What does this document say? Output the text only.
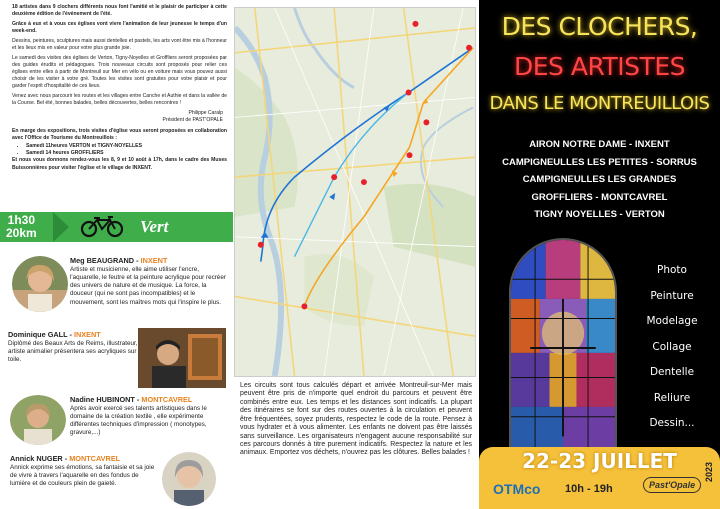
18 artistes dans 9 clochers différents nous font l'amitié et le plaisir de participer à cette deuxième édition de l'événement de l'été.

Grâce à eux et à vous ces églises vont vivre l'animation de leur jeunesse le temps d'un week-end.

Dessins, peintures, sculptures mais aussi dentelles et pastels, les arts vont être mis à l'honneur et les lieux mis en valeur pour votre plus grande joie.

Le samedi des visites des églises de Verton, Tigny-Noyelles et Groffliers seront proposées par des guides érudits et pédagogues. Trois nouveaux circuits sont proposés pour relier ces églises entre elles à partir de Montreuil sur Mer en vélo ou en voiture mais vous pouvez aussi choisir de les visiter à votre gré. Toutes les visites sont gratuites pour votre plaisir et pour garder l'esprit d'hospitalité de ces lieux.

Venez avec nous parcourir les routes et les villages entre Canche et Authie et dans la vallée de la Course. Bel été, bonnes balades, belles découvertes, belles rencontres !

Philippe Caralp
Président de PAST'OPALE

En marge des expositions, trois visites d'église vous seront proposées en collaboration avec l'Office de Tourisme du Montreuillois :

• Samedi 11heures VERTON et TIGNY-NOYELLES
• Samedi 14 heures GROFFLIERS

Et nous vous donnons rendez-vous les 8, 9 et 10 août à 17h, dans le cadre des Muses Buissonnières pour visiter l'église et le village de INXENT.

1h30
20km	Vert
Meg BEAUGRAND - INXENT
Artiste et musicienne, elle aime utiliser l'encre, l'aquarelle, le feutre et la peinture acrylique pour recréer des univers de nature et de musique. La force, la douceur (qui ne sont pas incompatibles) et le mouvement, sont les maîtres mots qui l'inspire le plus.
Dominique GALL - INXENT
Diplômé des Beaux Arts de Reims, illustrateur, artiste animalier présentera ses acryliques sur toile.
Nadine HUBINONT - MONTCAVREL
Après avoir exercé ses talents artistiques dans le domaine de la création textile , elle expérimente différentes techniques d'impression ( monotypes, gravure,...)
Annick NUGER - MONTCAVREL
Annick exprime ses émotions, sa fantaisie et sa joie de vivre à travers l'aquarelle en des fondus de lumière et de couleurs plein de gaieté.
Les circuits sont tous calculés départ et arrivée Montreuil-sur-Mer mais peuvent être pris de n'importe quel endroit du parcours et peuvent être combinés entre eux. Les temps et les distances sont indicatifs. La plupart des itinéraires se font sur des routes ouvertes à la circulation et peuvent être fréquentées, soyez prudents, respectez le code de la route. Pensez à vous hydrater et à vous alimenter. Les enfants ne doivent pas être laissés sans surveillance. Les organisateurs n'engagent aucune responsabilité sur ces parcours donnés à titre purement indicatifs. Respectez la nature et les animaux. Emportez vos déchets, n'ouvrez pas les clôtures. Belles balades !
DES CLOCHERS,
DES ARTISTES
DANS LE MONTREUILLOIS
AIRON NOTRE DAME - INXENT
CAMPIGNEULLES LES PETITES - SORRUS
CAMPIGNEULLES LES GRANDES
GROFFLIERS - MONTCAVREL
TIGNY NOYELLES - VERTON
Photo
Peinture
Modelage
Collage
Dentelle
Reliure
Dessin...
22-23 JUILLET
OTMco 10h - 19h	Past'Opale
2023
